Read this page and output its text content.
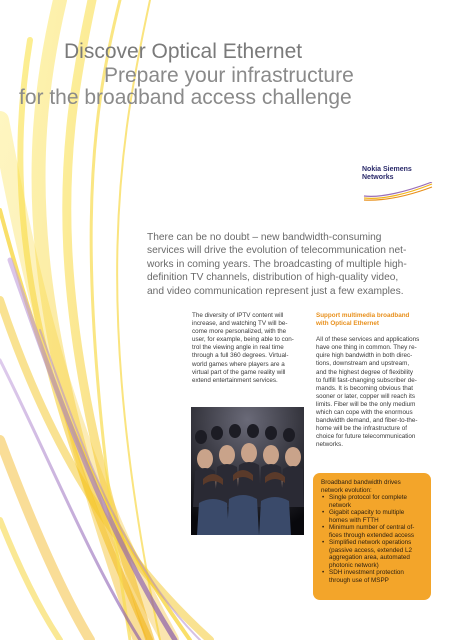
Discover Optical Ethernet
Prepare your infrastructure
for the broadband access challenge
Nokia Siemens
Networks
There can be no doubt – new bandwidth-consuming
services will drive the evolution of telecommunication net-
works in coming years. The broadcasting of multiple high-
definition TV channels, distribution of high-quality video,
and video communication represent just a few examples.
The diversity of IPTV content will
increase, and watching TV will be-
come more personalized, with the
user, for example, being able to con-
trol the viewing angle in real time
through a full 360 degrees. Virtual-
world games where players are a
virtual part of the game reality will
extend entertainment services.
Support multimedia broadband
with Optical Ethernet
All of these services and applications
have one thing in common. They re-
quire high bandwidth in both direc-
tions, downstream and upstream,
and the highest degree of flexibility
to fulfill fast-changing subscriber de-
mands. It is becoming obvious that
sooner or later, copper will reach its
limits. Fiber will be the only medium
which can cope with the enormous
bandwidth demand, and fiber-to-the-
home will be the infrastructure of
choice for future telecommunication
networks.
Broadband bandwidth drives
network evolution:
• Single protocol for complete
network
• Gigabit capacity to multiple
homes with FTTH
• Minimum number of central of-
fices through extended access
• Simplified network operations
(passive access, extended L2
aggregation area, automated
photonic network)
• SDH investment protection
through use of MSPP
